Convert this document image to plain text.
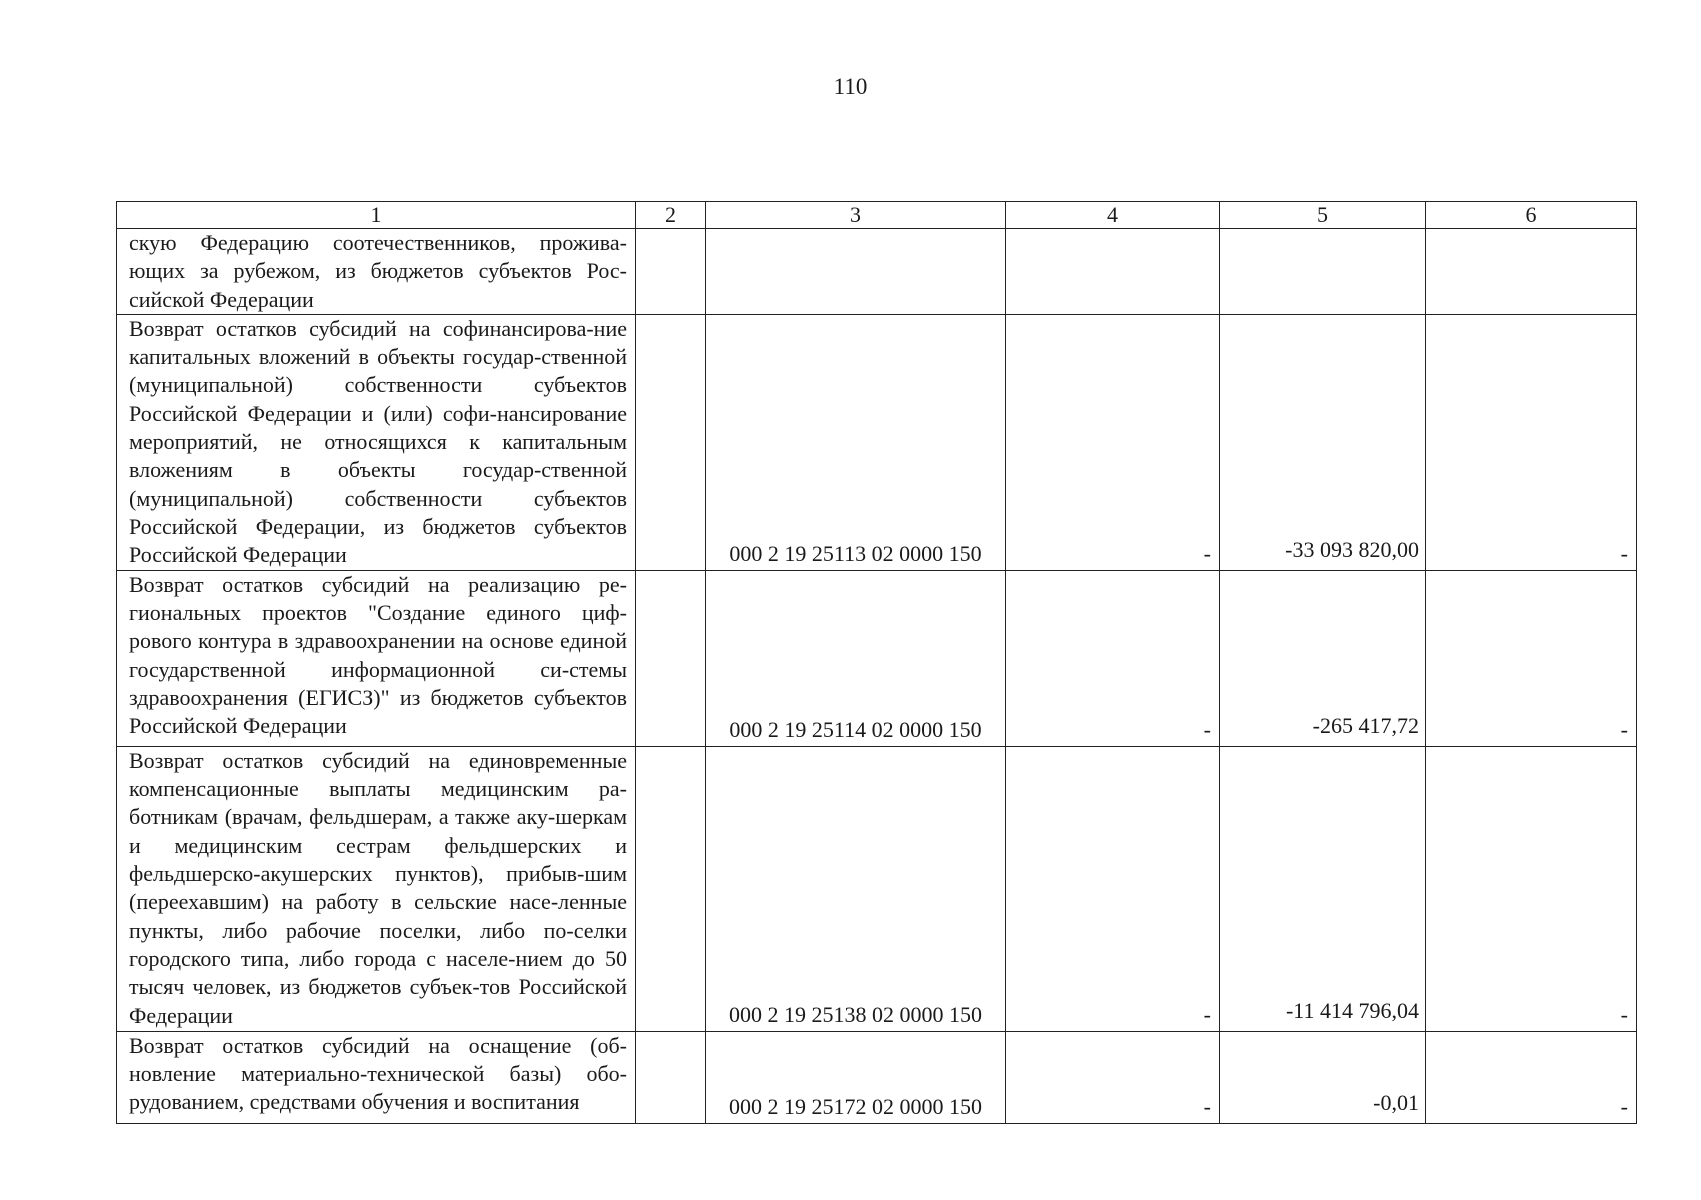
110
1	2	3	4	5	6
скую Федерацию соотечественников, прожива-ющих за рубежом, из бюджетов субъектов Рос-сийской Федерации					
Возврат остатков субсидий на софинансирова-ние капитальных вложений в объекты государ-ственной (муниципальной) собственности субъектов Российской Федерации и (или) софи-нансирование мероприятий, не относящихся к капитальным вложениям в объекты государ-ственной (муниципальной) собственности субъектов Российской Федерации, из бюджетов субъектов Российской Федерации		000 2 19 25113 02 0000 150	-	-33 093 820,00	-
Возврат остатков субсидий на реализацию ре-гиональных проектов "Создание единого циф-рового контура в здравоохранении на основе единой государственной информационной си-стемы здравоохранения (ЕГИСЗ)" из бюджетов субъектов Российской Федерации		000 2 19 25114 02 0000 150	-	-265 417,72	-
Возврат остатков субсидий на единовременные компенсационные выплаты медицинским ра-ботникам (врачам, фельдшерам, а также аку-шеркам и медицинским сестрам фельдшерских и фельдшерско-акушерских пунктов), прибыв-шим (переехавшим) на работу в сельские насе-ленные пункты, либо рабочие поселки, либо по-селки городского типа, либо города с населе-нием до 50 тысяч человек, из бюджетов субъек-тов Российской Федерации		000 2 19 25138 02 0000 150	-	-11 414 796,04	-
Возврат остатков субсидий на оснащение (об-новление материально-технической базы) обо-рудованием, средствами обучения и воспитания		000 2 19 25172 02 0000 150	-	-0,01	-
